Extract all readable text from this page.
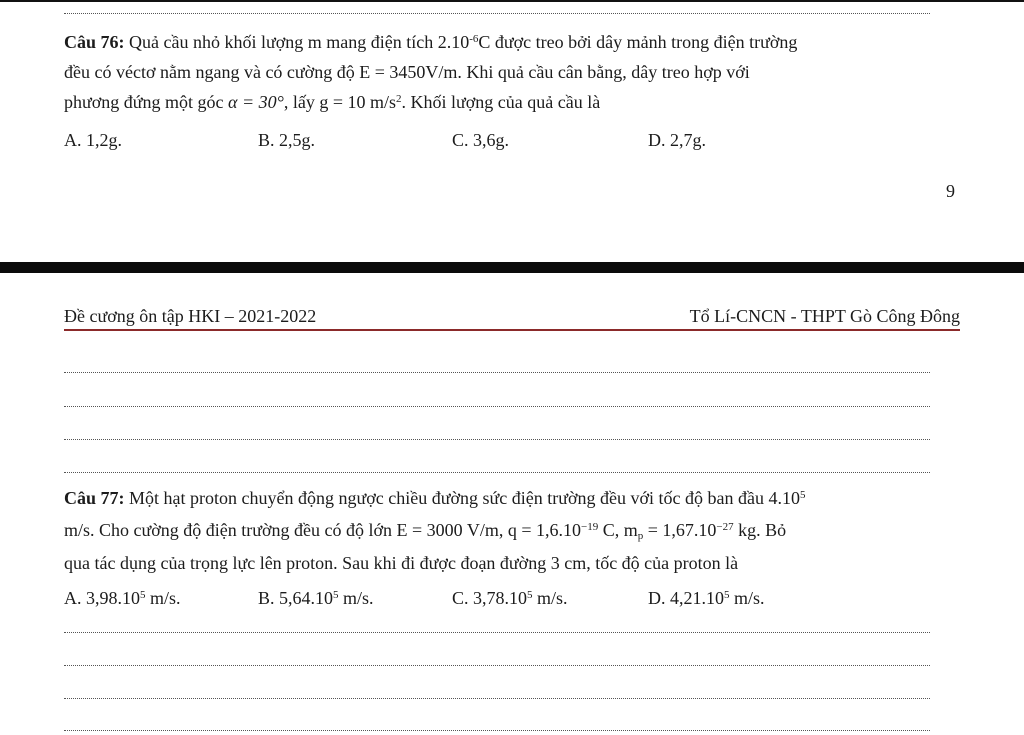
Câu 76: Quả cầu nhỏ khối lượng m mang điện tích $2.10^{-6}C$ được treo bởi dây mảnh trong điện trường
đều có véctơ nằm ngang và có cường độ E = 3450V/m. Khi quả cầu cân bằng, dây treo hợp với
phương đứng một góc α = 30°, lấy g = 10 $m/s^2$. Khối lượng của quả cầu là
A. 1,2g.	B. 2,5g.	C. 3,6g.	D. 2,7g.
9
Đề cương ôn tập HKI – 2021-2022	Tổ Lí-CNCN - THPT Gò Công Đông
Câu 77: Một hạt proton chuyển động ngược chiều đường sức điện trường đều với tốc độ ban đầu 4.10$^5$
m/s. Cho cường độ điện trường đều có độ lớn E = 3000 V/m, $q = 1,6.10^{-19}$ C, $m_p = 1,67.10^{-27}$ kg. Bỏ
qua tác dụng của trọng lực lên proton. Sau khi đi được đoạn đường 3 cm, tốc độ của proton là
A. 3,98.10$^5$ m/s.	B. 5,64.10$^5$ m/s.	C. 3,78.10$^5$ m/s.	D. 4,21.10$^5$ m/s.
